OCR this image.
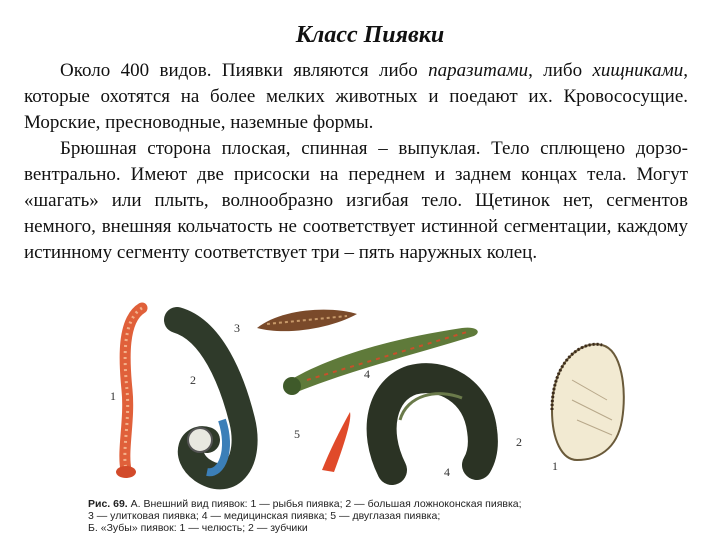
Класс Пиявки

Около 400 видов. Пиявки являются либо паразитами, либо хищниками, которые охотятся на более мелких животных и поедают их. Кровососущие. Морские, пресноводные, наземные формы.

Брюшная сторона плоская, спинная – выпуклая. Тело сплющено дорзо-вентрально. Имеют две присоски на переднем и заднем концах тела. Могут «шагать» или плыть, волнообразно изгибая тело. Щетинок нет, сегментов немного, внешняя кольчатость не соответствует истинной сегментации, каждому истинному сегменту соответствует три – пять наружных колец.

1
2
3
4
5
4
2
1
Рис. 69. А. Внешний вид пиявок: 1 — рыбья пиявка; 2 — большая ложноконская пиявка;
3 — улитковая пиявка; 4 — медицинская пиявка; 5 — двуглазая пиявка;
Б. «Зубы» пиявок: 1 — челюсть; 2 — зубчики
